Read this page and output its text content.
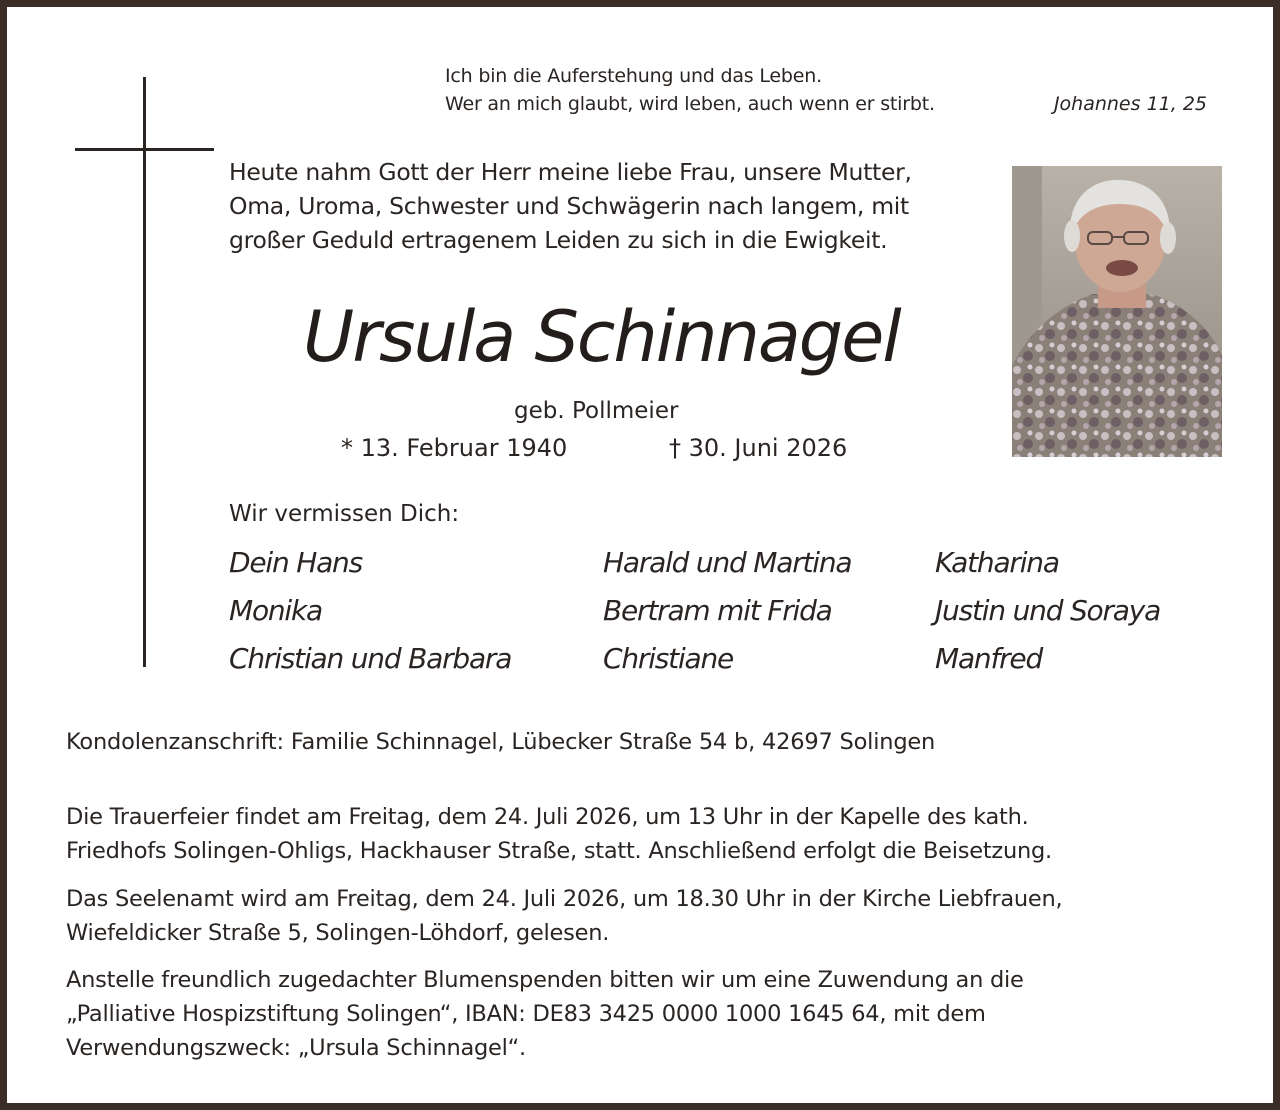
Ich bin die Auferstehung und das Leben.
Wer an mich glaubt, wird leben, auch wenn er stirbt.	Johannes 11, 25
Heute nahm Gott der Herr meine liebe Frau, unsere Mutter,
Oma, Uroma, Schwester und Schwägerin nach langem, mit
großer Geduld ertragenem Leiden zu sich in die Ewigkeit.
Ursula Schinnagel
geb. Pollmeier
* 13. Februar 1940	† 30. Juni 2026
Wir vermissen Dich:
Dein Hans
Monika
Christian und Barbara
Harald und Martina
Bertram mit Frida
Christiane
Katharina
Justin und Soraya
Manfred
Kondolenzanschrift: Familie Schinnagel, Lübecker Straße 54 b, 42697 Solingen
Die Trauerfeier findet am Freitag, dem 24. Juli 2026, um 13 Uhr in der Kapelle des kath.
Friedhofs Solingen-Ohligs, Hackhauser Straße, statt. Anschließend erfolgt die Beisetzung.
Das Seelenamt wird am Freitag, dem 24. Juli 2026, um 18.30 Uhr in der Kirche Liebfrauen,
Wiefeldicker Straße 5, Solingen-Löhdorf, gelesen.
Anstelle freundlich zugedachter Blumenspenden bitten wir um eine Zuwendung an die
„Palliative Hospizstiftung Solingen“, IBAN: DE83 3425 0000 1000 1645 64, mit dem
Verwendungszweck: „Ursula Schinnagel“.
